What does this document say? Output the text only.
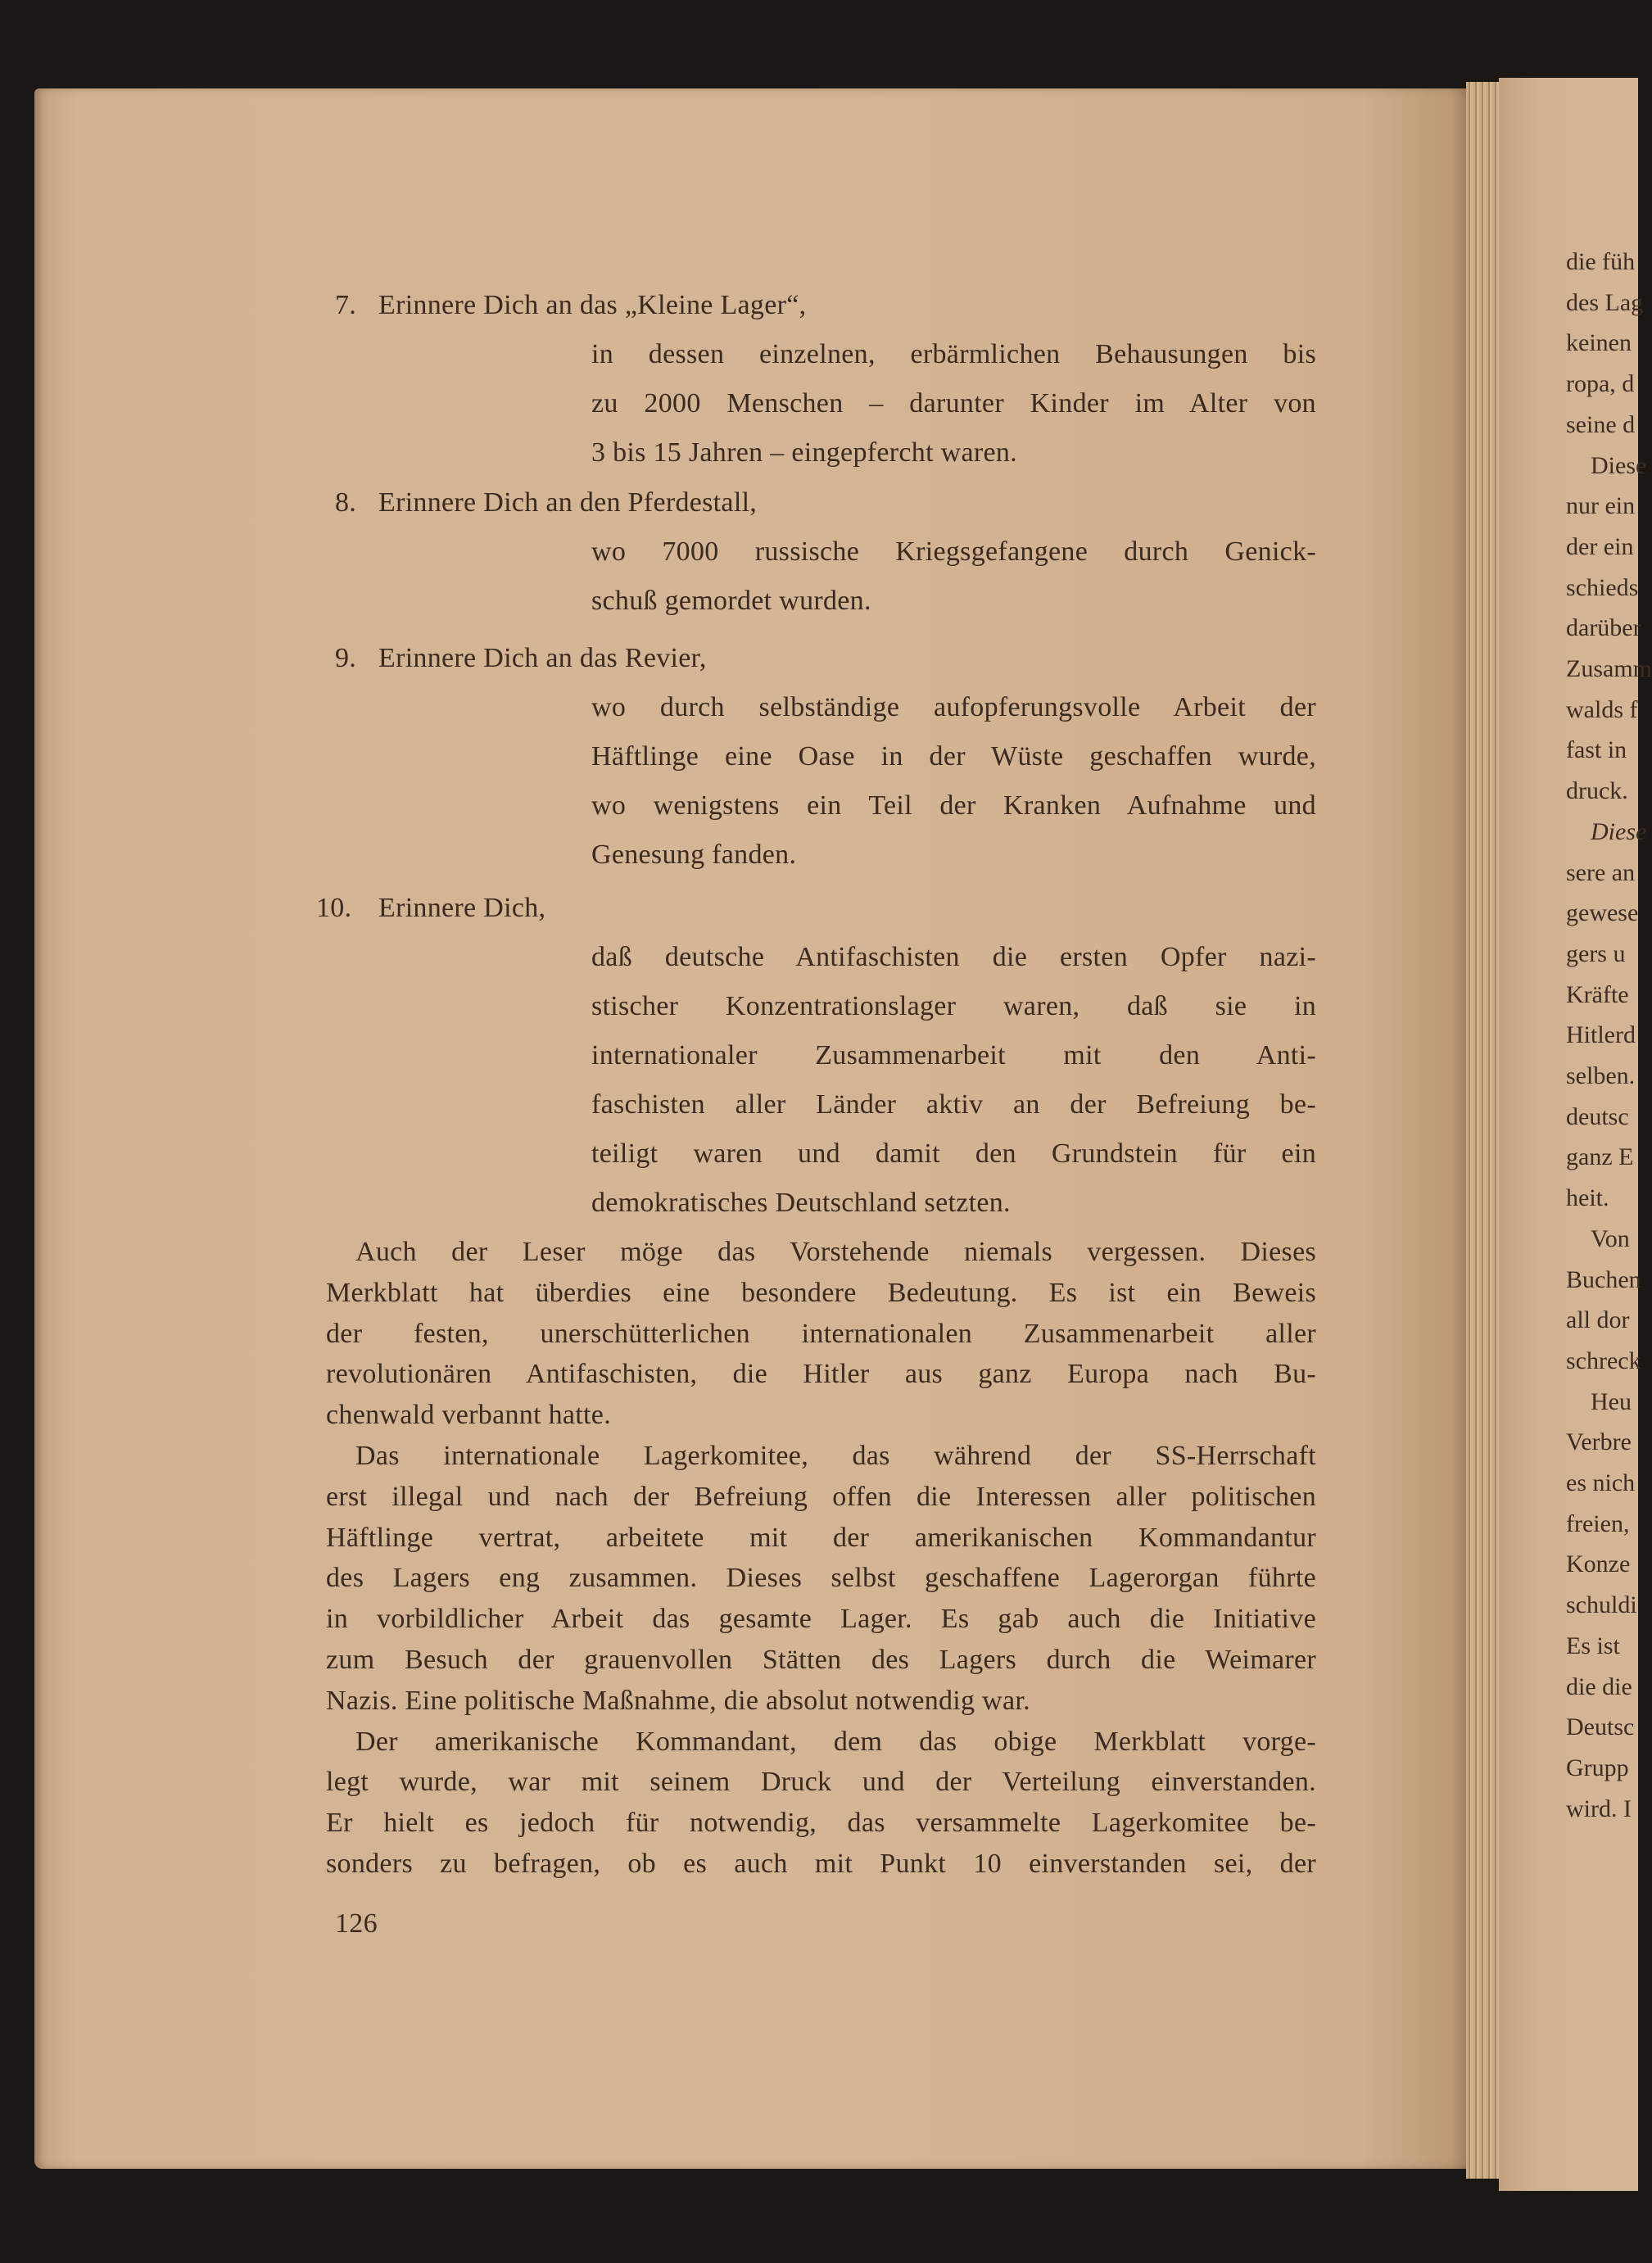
die füh
des Lag
keinen
ropa, d
seine d
Diese
nur ein
der ein
schieds
darüber
Zusamm
walds f
fast in
druck.
Diese
sere an
gewese
gers u
Kräfte
Hitlerd
selben.
deutsc
ganz E
heit.
Von
Buchen
all dor
schreck
Heu
Verbre
es nich
freien,
Konze
schuldi
Es ist
die die
Deutsc
Grupp
wird. I
7. Erinnere Dich an das „Kleine Lager“,
in dessen einzelnen, erbärmlichen Behausungen bis
zu 2000 Menschen – darunter Kinder im Alter von
3 bis 15 Jahren – eingepfercht waren.
8. Erinnere Dich an den Pferdestall,
wo 7000 russische Kriegsgefangene durch Genick-
schuß gemordet wurden.
9. Erinnere Dich an das Revier,
wo durch selbständige aufopferungsvolle Arbeit der
Häftlinge eine Oase in der Wüste geschaffen wurde,
wo wenigstens ein Teil der Kranken Aufnahme und
Genesung fanden.
10. Erinnere Dich,
daß deutsche Antifaschisten die ersten Opfer nazi-
stischer Konzentrationslager waren, daß sie in
internationaler Zusammenarbeit mit den Anti-
faschisten aller Länder aktiv an der Befreiung be-
teiligt waren und damit den Grundstein für ein
demokratisches Deutschland setzten.
Auch der Leser möge das Vorstehende niemals vergessen. Dieses
Merkblatt hat überdies eine besondere Bedeutung. Es ist ein Beweis
der festen, unerschütterlichen internationalen Zusammenarbeit aller
revolutionären Antifaschisten, die Hitler aus ganz Europa nach Bu-
chenwald verbannt hatte.
Das internationale Lagerkomitee, das während der SS-Herrschaft
erst illegal und nach der Befreiung offen die Interessen aller politischen
Häftlinge vertrat, arbeitete mit der amerikanischen Kommandantur
des Lagers eng zusammen. Dieses selbst geschaffene Lagerorgan führte
in vorbildlicher Arbeit das gesamte Lager. Es gab auch die Initiative
zum Besuch der grauenvollen Stätten des Lagers durch die Weimarer
Nazis. Eine politische Maßnahme, die absolut notwendig war.
Der amerikanische Kommandant, dem das obige Merkblatt vorge-
legt wurde, war mit seinem Druck und der Verteilung einverstanden.
Er hielt es jedoch für notwendig, das versammelte Lagerkomitee be-
sonders zu befragen, ob es auch mit Punkt 10 einverstanden sei, der
126
